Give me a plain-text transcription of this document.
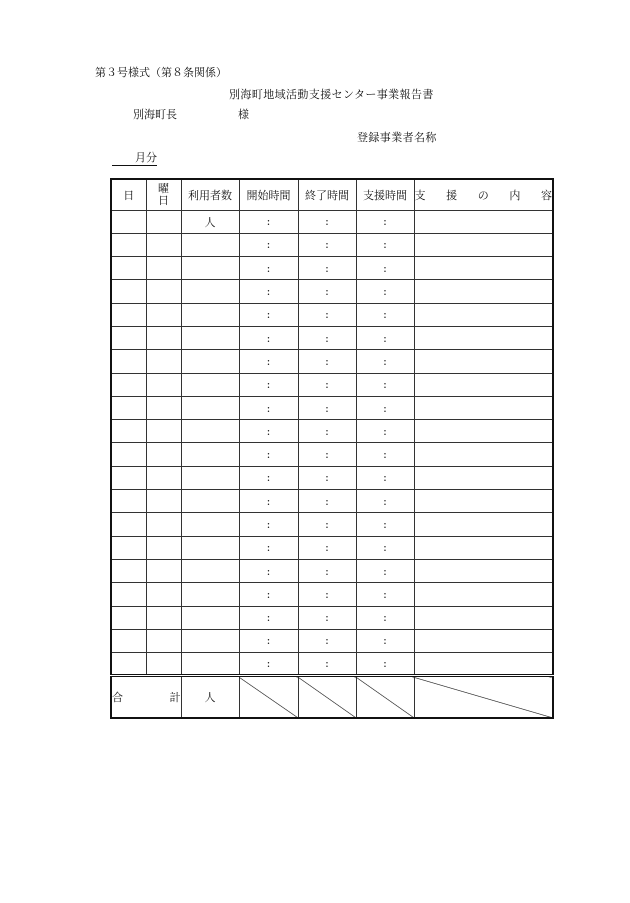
第３号様式（第８条関係）
別海町地域活動支援センター事業報告書
別海町長	様
登録事業者名称
月分
日	曜日	利用者数	開始時間	終了時間	支援時間	支援の内容
		人	:	:	:	
			:	:	:	
			:	:	:	
			:	:	:	
			:	:	:	
			:	:	:	
			:	:	:	
			:	:	:	
			:	:	:	
			:	:	:	
			:	:	:	
			:	:	:	
			:	:	:	
			:	:	:	
			:	:	:	
			:	:	:	
			:	:	:	
			:	:	:	
			:	:	:	
			:	:	:	
合計		人				
